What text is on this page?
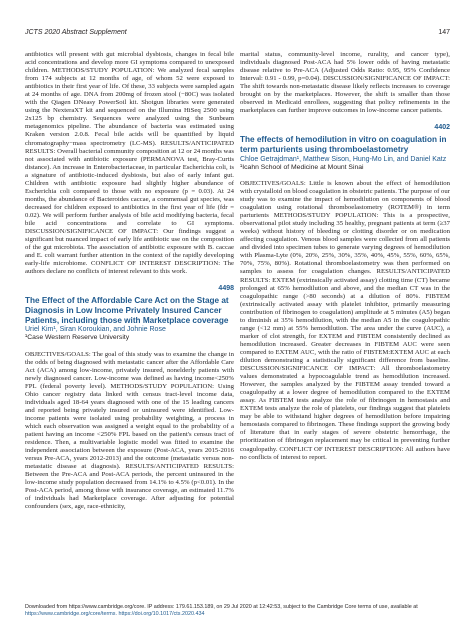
JCTS 2020 Abstract Supplement	147

antibiotics will present with gut microbial dysbiosis, changes in fecal bile acid concentrations and develop more GI symptoms compared to unexposed children. METHODS/STUDY POPULATION: We analyzed fecal samples from 174 subjects at 12 months of age, of whom 52 were exposed to antibiotics in their first year of life. Of these, 33 subjects were sampled again at 24 months of age. DNA from 200mg of frozen stool (−80C) was isolated with the Qiagen DNeasy PowerSoil kit. Shotgun libraries were generated using the NexteraXT kit and sequenced on the Illumina HiSeq 2500 using 2x125 bp chemistry. Sequences were analyzed using the Sunbeam metagenomics pipeline. The abundance of bacteria was estimated using Kraken version 2.0.8. Fecal bile acids will be quantified by liquid chromatography−mass spectrometry (LC-MS). RESULTS/ANTICIPATED RESULTS: Overall bacterial community composition at 12 or 24 months was not associated with antibiotic exposure (PERMANOVA test, Bray-Curtis distance). An increase in Enterobacteriaceae, in particular Escherichia coli, is a signature of antibiotic-induced dysbiosis, but also of early infant gut. Children with antibiotic exposure had slightly higher abundance of Escherichia coli compared to those with no exposure (p = 0.03). At 24 months, the abundance of Bacteroides caccae, a commensal gut species, was decreased for children exposed to antibiotics in the first year of life (fdr = 0.02). We will perform further analysis of bile acid modifying bacteria, fecal bile acid concentrations and correlate to GI symptoms. DISCUSSION/SIGNIFICANCE OF IMPACT: Our findings suggest a significant but nuanced impact of early life antibiotic use on the composition of the gut microbiota. The association of antibiotic exposure with B. caccae and E. coli warrant further attention in the context of the rapidly developing early-life microbiome. CONFLICT OF INTEREST DESCRIPTION: The authors declare no conflicts of interest relevant to this work.

4498
The Effect of the Affordable Care Act on the Stage at Diagnosis in Low Income Privately Insured Cancer Patients, including those with Marketplace coverage
Uriel Kim¹, Siran Koroukian, and Johnie Rose
¹Case Western Reserve University

OBJECTIVES/GOALS: The goal of this study was to examine the change in the odds of being diagnosed with metastatic cancer after the Affordable Care Act (ACA) among low-income, privately insured, nonelderly patients with newly diagnosed cancer. Low-income was defined as having income<250% FPL (federal poverty level). METHODS/STUDY POPULATION: Using Ohio cancer registry data linked with census tract-level income data, individuals aged 18-64 years diagnosed with one of the 15 leading cancers and reported being privately insured or uninsured were identified. Low-income patients were isolated using probability weighting, a process in which each observation was assigned a weight equal to the probability of a patient having an income <250% FPL based on the patient's census tract of residence. Then, a multivariable logistic model was fitted to examine the independent association between the exposure (Post-ACA, years 2015-2016 versus Pre-ACA, years 2012-2013) and the outcome (metastatic versus non-metastatic disease at diagnosis). RESULTS/ANTICIPATED RESULTS: Between the Pre-ACA and Post-ACA periods, the percent uninsured in the low-income study population decreased from 14.1% to 4.5% (p<0.01). In the Post-ACA period, among those with insurance coverage, an estimated 11.7% of individuals had Marketplace coverage. After adjusting for potential confounders (sex, age, race-ethnicity,

marital status, community-level income, rurality, and cancer type), individuals diagnosed Post-ACA had 5% lower odds of having metastatic disease relative to Pre-ACA (Adjusted Odds Ratio: 0.95, 95% Confidence Interval: 0.91 - 0.99, p=0.04). DISCUSSION/SIGNIFICANCE OF IMPACT: The shift towards non-metastatic disease likely reflects increases to coverage brought on by the marketplaces. However, the shift is smaller than those observed in Medicaid enrollees, suggesting that policy refinements in the marketplaces can further improve outcomes in low-income cancer patients.

4402
The effects of hemodilution in vitro on coagulation in term parturients using thromboelastometry
Chloe Getrajdman¹, Matthew Sison, Hung-Mo Lin, and Daniel Katz
¹Icahn School of Medicine at Mount Sinai

OBJECTIVES/GOALS: Little is known about the effect of hemodilution with crystalloid on blood coagulation in obstetric patients. The purpose of our study was to examine the impact of hemodilution on components of blood coagulation using rotational thromboelastometry (ROTEM®) in term parturients METHODS/STUDY POPULATION: This is a prospective, observational pilot study including 35 healthy, pregnant patients at term (≥37 weeks) without history of bleeding or clotting disorder or on medication affecting coagulation. Venous blood samples were collected from all patients and divided into specimen tubes to generate varying degrees of hemodilution with Plasma-Lyte (0%, 20%, 25%, 30%, 35%, 40%, 45%, 55%, 60%, 65%, 70%, 75%, 80%). Rotational thromboelastometry was then performed on samples to assess for coagulation changes. RESULTS/ANTICIPATED RESULTS: EXTEM (extrinsically activated assay) clotting time (CT) became prolonged at 65% hemodilution and above, and the median CT was in the coagulopathic range (>80 seconds) at a dilution of 80%. FIBTEM (extrinsically activated assay with platelet inhibitor, primarily measuring contribution of fibrinogen to coagulation) amplitude at 5 minutes (A5) began to diminish at 35% hemodilution, with the median A5 in the coagulopathic range (<12 mm) at 55% hemodilution. The area under the curve (AUC), a marker of clot strength, for EXTEM and FIBTEM consistently declined as hemodilution increased. Greater decreases in FIBTEM AUC were seen compared to EXTEM AUC, with the ratio of FIBTEM:EXTEM AUC at each dilution demonstrating a statistically significant difference from baseline. DISCUSSION/SIGNIFICANCE OF IMPACT: All thromboelastometry values demonstrated a hypocoagulable trend as hemodilution increased. However, the samples analyzed by the FIBTEM assay trended toward a coagulopathy at a lower degree of hemodilution compared to the EXTEM assay. As FIBTEM tests analyze the role of fibrinogen in hemostasis and EXTEM tests analyze the role of platelets, our findings suggest that platelets may be able to withstand higher degrees of hemodilution before impairing hemostasis compared to fibrinogen. These findings support the growing body of literature that in early stages of severe obstetric hemorrhage, the prioritization of fibrinogen replacement may be critical in preventing further coagulopathy. CONFLICT OF INTEREST DESCRIPTION: All authors have no conflicts of interest to report.

Downloaded from https://www.cambridge.org/core. IP address: 179.61.153.189, on 29 Jul 2020 at 12:42:53, subject to the Cambridge Core terms of use, available at
https://www.cambridge.org/core/terms. https://doi.org/10.1017/cts.2020.434
